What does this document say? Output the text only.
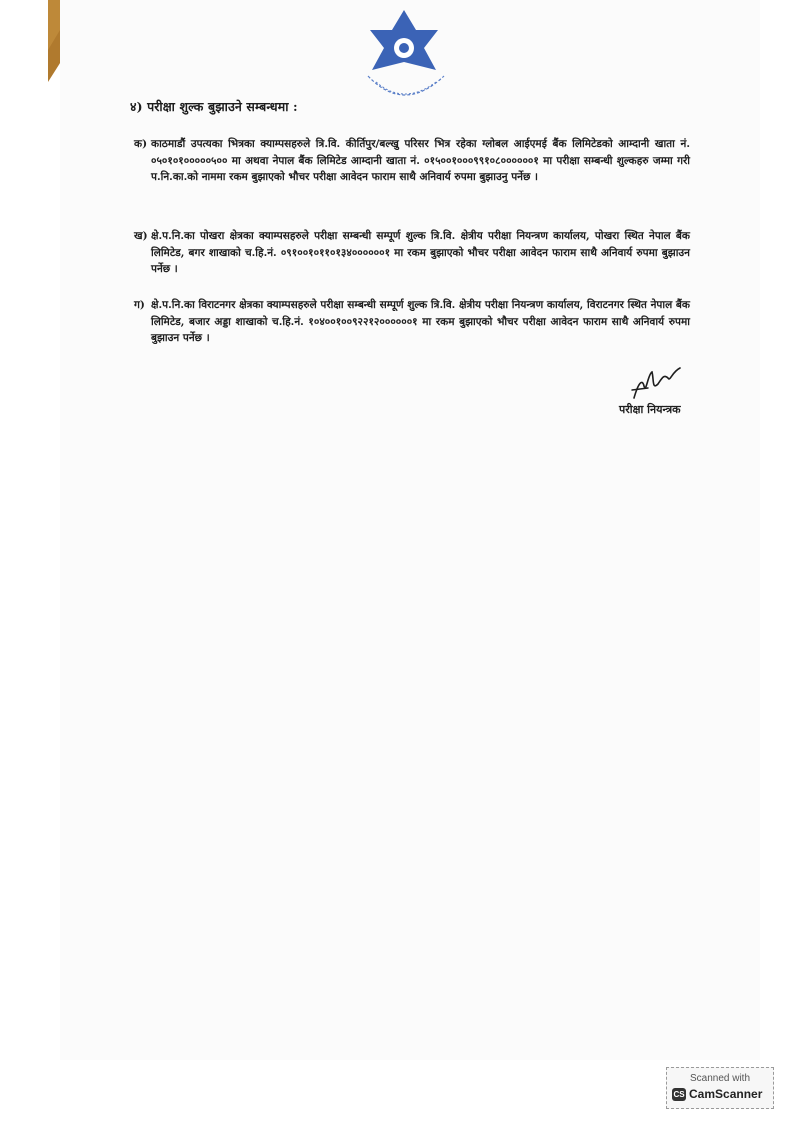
४) परीक्षा शुल्क बुझाउने सम्बन्धमा :
क) काठमाडौं उपत्यका भित्रका क्याम्पसहरुले त्रि.वि. कीर्तिपुर/बल्खु परिसर भित्र रहेका ग्लोबल आईएमई बैंक लिमिटेडको आम्दानी खाता नं. ०५०१०१०००००५०० मा अथवा नेपाल बैंक लिमिटेड आम्दानी खाता नं. ०१५००१०००९९१०८००००००१ मा परीक्षा सम्बन्धी शुल्कहरु जम्मा गरी प.नि.का.को नाममा रकम बुझाएको भौचर परीक्षा आवेदन फाराम साथै अनिवार्य रुपमा बुझाउनु पर्नेछ ।
ख) क्षे.प.नि.का पोखरा क्षेत्रका क्याम्पसहरुले परीक्षा सम्बन्धी सम्पूर्ण शुल्क त्रि.वि. क्षेत्रीय परीक्षा नियन्त्रण कार्यालय, पोखरा स्थित नेपाल बैंक लिमिटेड, बगर शाखाको च.हि.नं. ०९१००१०११०१३४००००००१ मा रकम बुझाएको भौचर परीक्षा आवेदन फाराम साथै अनिवार्य रुपमा बुझाउन पर्नेछ ।
ग) क्षे.प.नि.का विराटनगर क्षेत्रका क्याम्पसहरुले परीक्षा सम्बन्धी सम्पूर्ण शुल्क त्रि.वि. क्षेत्रीय परीक्षा नियन्त्रण कार्यालय, विराटनगर स्थित नेपाल बैंक लिमिटेड, बजार अड्डा शाखाको च.हि.नं. १०४००१००९२२१२००००००१ मा रकम बुझाएको भौचर परीक्षा आवेदन फाराम साथै अनिवार्य रुपमा बुझाउन पर्नेछ ।
परीक्षा नियन्त्रक
Scanned with
CS CamScanner
